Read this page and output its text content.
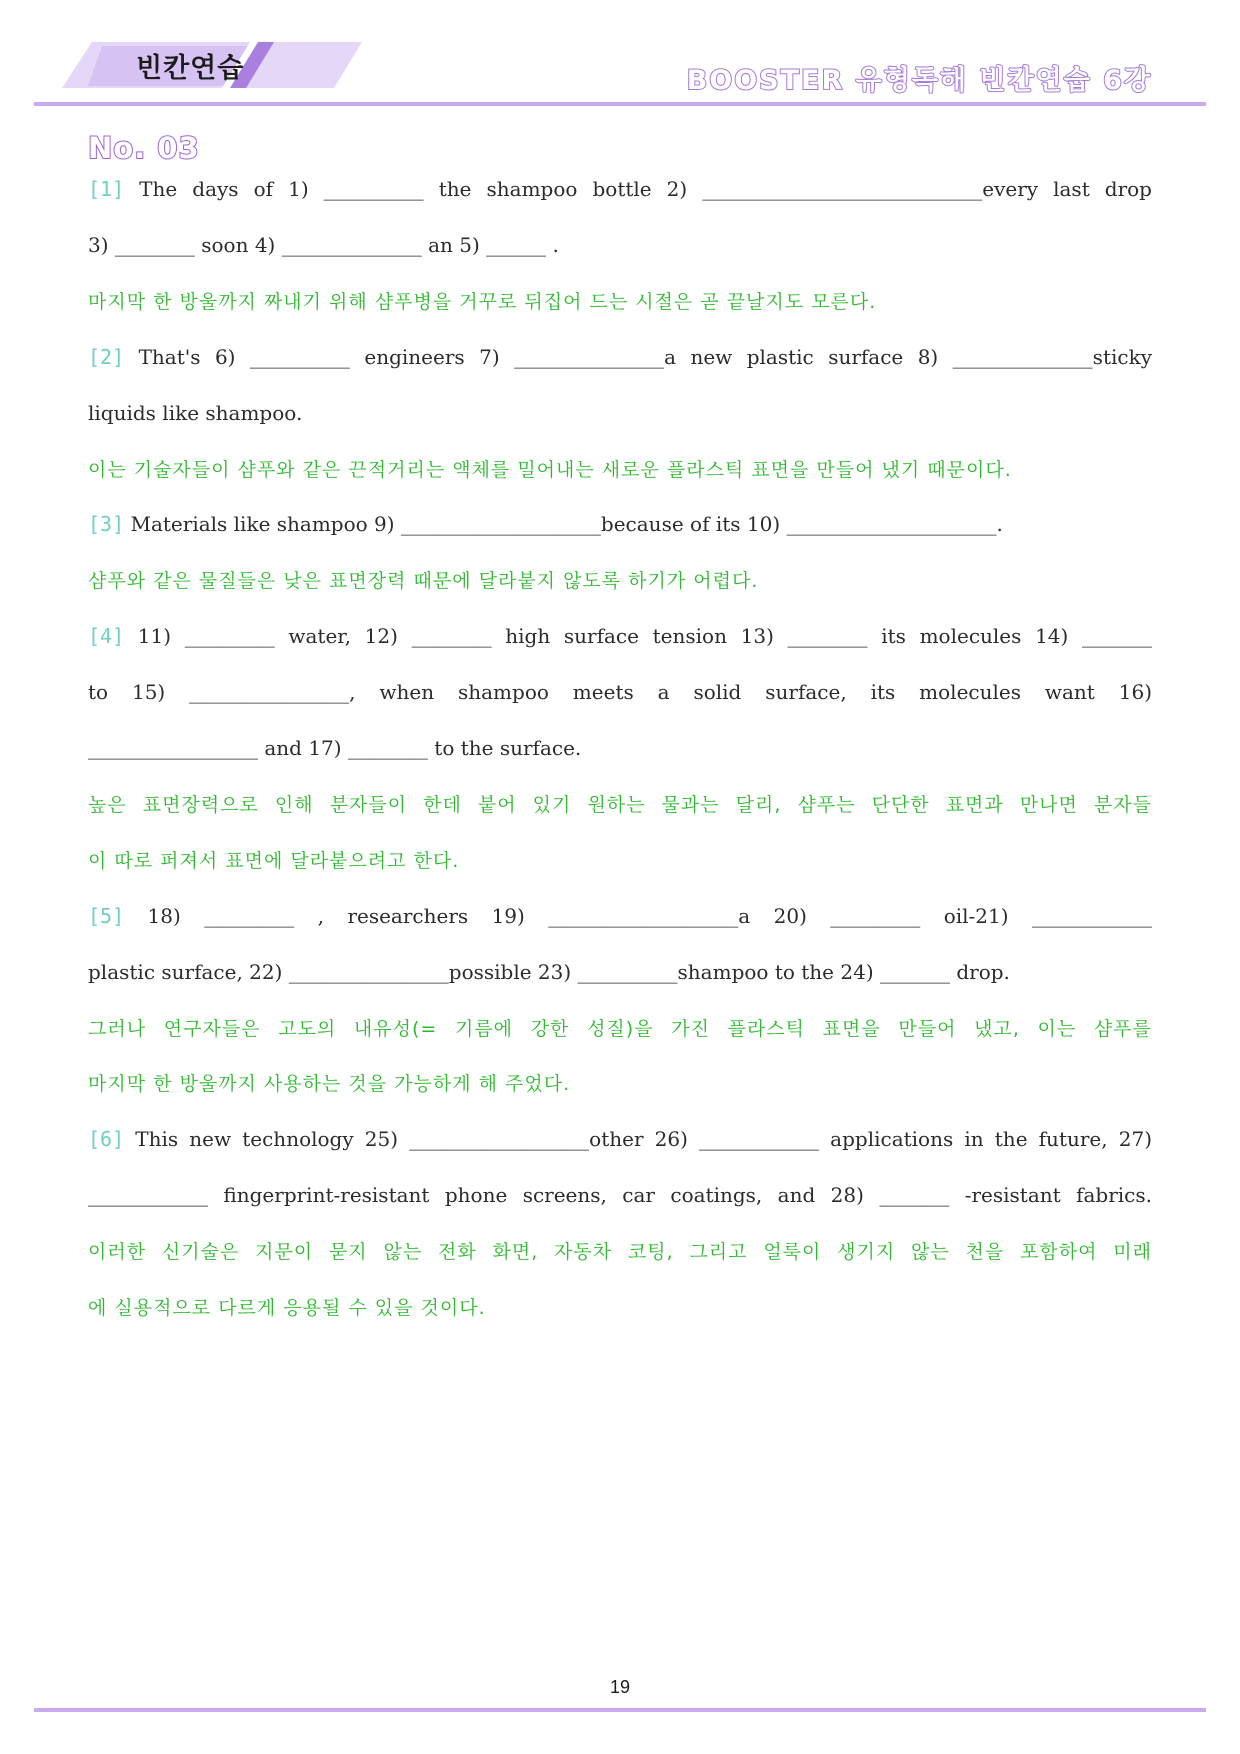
빈칸연습	BOOSTER 유형독해 빈칸연습 6강
No. 03
[1] The days of 1) __________ the shampoo bottle 2) ____________________________every last drop
3) ________ soon 4) ______________ an 5) ______ .
마지막 한 방울까지 짜내기 위해 샴푸병을 거꾸로 뒤집어 드는 시절은 곧 끝날지도 모른다.
[2] That's 6) __________ engineers 7) _______________a new plastic surface 8) ______________sticky
liquids like shampoo.
이는 기술자들이 샴푸와 같은 끈적거리는 액체를 밀어내는 새로운 플라스틱 표면을 만들어 냈기 때문이다.
[3] Materials like shampoo 9) ____________________because of its 10) _____________________.
샴푸와 같은 물질들은 낮은 표면장력 때문에 달라붙지 않도록 하기가 어렵다.
[4] 11) _________ water, 12) ________ high surface tension 13) ________ its molecules 14) _______
to 15) ________________, when shampoo meets a solid surface, its molecules want 16)
_________________ and 17) ________ to the surface.
높은 표면장력으로 인해 분자들이 한데 붙어 있기 원하는 물과는 달리, 샴푸는 단단한 표면과 만나면 분자들
이 따로 퍼져서 표면에 달라붙으려고 한다.
[5] 18) _________ , researchers 19) ___________________a 20) _________ oil-21) ____________
plastic surface, 22) ________________possible 23) __________shampoo to the 24) _______ drop.
그러나 연구자들은 고도의 내유성(= 기름에 강한 성질)을 가진 플라스틱 표면을 만들어 냈고, 이는 샴푸를
마지막 한 방울까지 사용하는 것을 가능하게 해 주었다.
[6] This new technology 25) __________________other 26) ____________ applications in the future, 27)
____________ fingerprint-resistant phone screens, car coatings, and 28) _______ -resistant fabrics.
이러한 신기술은 지문이 묻지 않는 전화 화면, 자동차 코팅, 그리고 얼룩이 생기지 않는 천을 포함하여 미래
에 실용적으로 다르게 응용될 수 있을 것이다.
19
